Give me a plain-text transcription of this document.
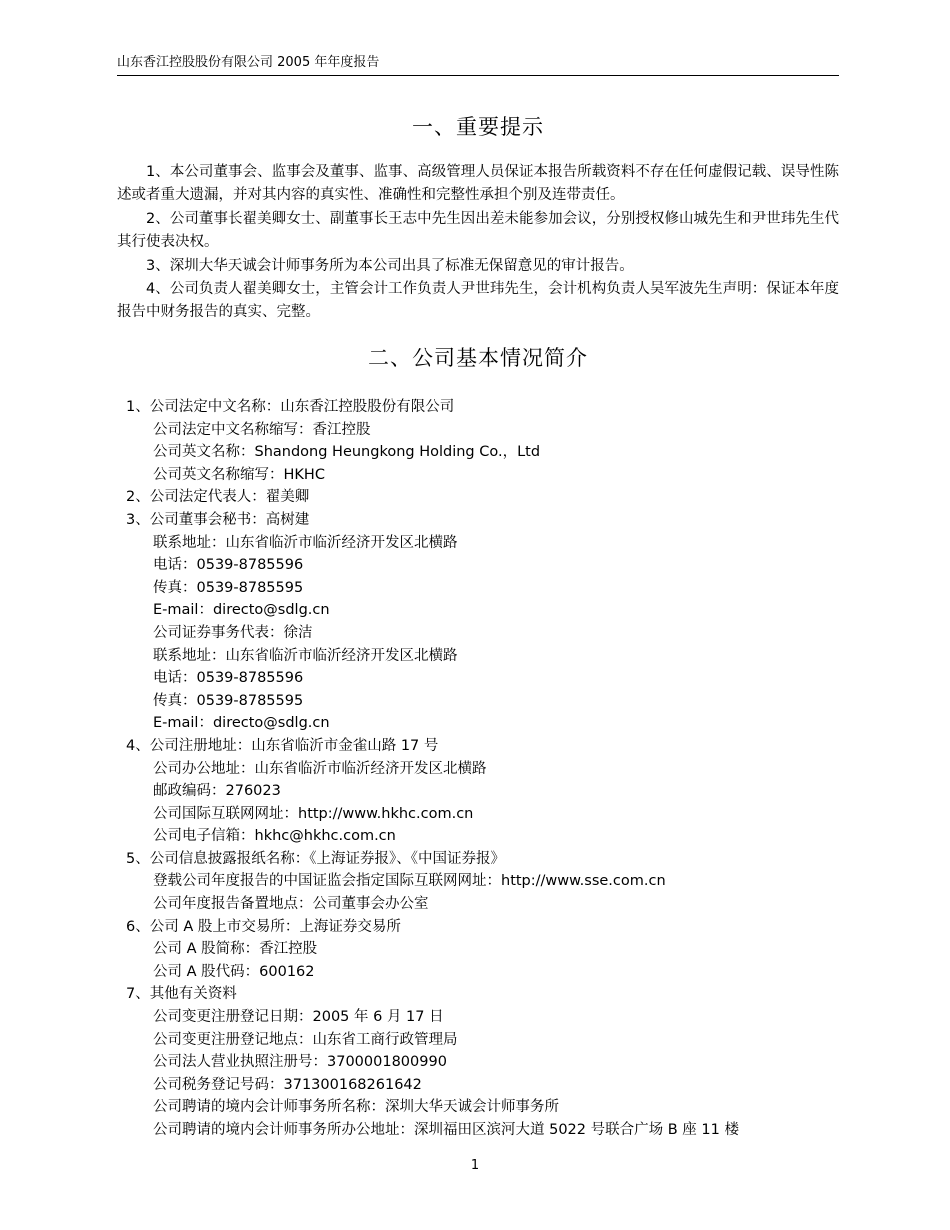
山东香江控股股份有限公司 2005 年年度报告
一、重要提示
1、本公司董事会、监事会及董事、监事、高级管理人员保证本报告所载资料不存在任何虚假记载、误导性陈述或者重大遗漏，并对其内容的真实性、准确性和完整性承担个别及连带责任。
2、公司董事长翟美卿女士、副董事长王志中先生因出差未能参加会议，分别授权修山城先生和尹世玮先生代其行使表决权。
3、深圳大华天诚会计师事务所为本公司出具了标准无保留意见的审计报告。
4、公司负责人翟美卿女士，主管会计工作负责人尹世玮先生，会计机构负责人吴军波先生声明：保证本年度报告中财务报告的真实、完整。
二、公司基本情况简介
1、公司法定中文名称：山东香江控股股份有限公司
公司法定中文名称缩写：香江控股
公司英文名称：Shandong Heungkong Holding Co.，Ltd
公司英文名称缩写：HKHC
2、公司法定代表人：翟美卿
3、公司董事会秘书：高树建
联系地址：山东省临沂市临沂经济开发区北横路
电话：0539-8785596
传真：0539-8785595
E-mail：directo@sdlg.cn
公司证券事务代表：徐洁
联系地址：山东省临沂市临沂经济开发区北横路
电话：0539-8785596
传真：0539-8785595
E-mail：directo@sdlg.cn
4、公司注册地址：山东省临沂市金雀山路 17 号
公司办公地址：山东省临沂市临沂经济开发区北横路
邮政编码：276023
公司国际互联网网址：http://www.hkhc.com.cn
公司电子信箱：hkhc@hkhc.com.cn
5、公司信息披露报纸名称：《上海证券报》、《中国证券报》
登载公司年度报告的中国证监会指定国际互联网网址：http://www.sse.com.cn
公司年度报告备置地点：公司董事会办公室
6、公司 A 股上市交易所：上海证券交易所
公司 A 股简称：香江控股
公司 A 股代码：600162
7、其他有关资料
公司变更注册登记日期：2005 年 6 月 17 日
公司变更注册登记地点：山东省工商行政管理局
公司法人营业执照注册号：3700001800990
公司税务登记号码：371300168261642
公司聘请的境内会计师事务所名称：深圳大华天诚会计师事务所
公司聘请的境内会计师事务所办公地址：深圳福田区滨河大道 5022 号联合广场 B 座 11 楼
1
